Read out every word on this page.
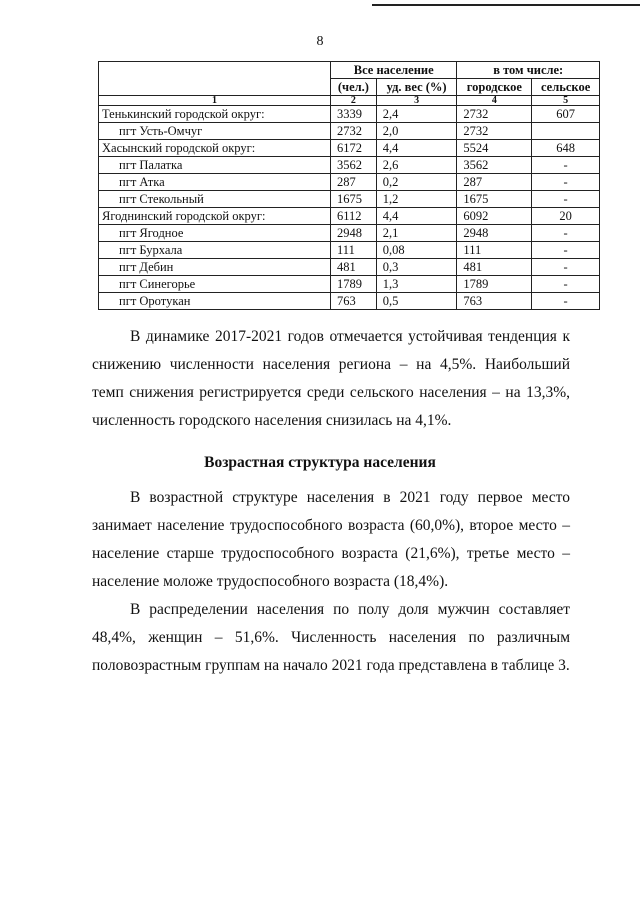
8
	Все население		в том числе:	
	(чел.)	уд. вес (%)	городское	сельское
1	2	3	4	5
Тенькинский городской округ:	3339	2,4	2732	607
пгт Усть-Омчуг	2732	2,0	2732	
Хасынский городской округ:	6172	4,4	5524	648
пгт Палатка	3562	2,6	3562	-
пгт Атка	287	0,2	287	-
пгт Стекольный	1675	1,2	1675	-
Ягоднинский городской округ:	6112	4,4	6092	20
пгт Ягодное	2948	2,1	2948	-
пгт Бурхала	111	0,08	111	-
пгт Дебин	481	0,3	481	-
пгт Синегорье	1789	1,3	1789	-
пгт Оротукан	763	0,5	763	-
В динамике 2017-2021 годов отмечается устойчивая тенденция к снижению численности населения региона – на 4,5%. Наибольший темп снижения регистрируется среди сельского населения – на 13,3%, численность городского населения снизилась на 4,1%.
Возрастная структура населения
В возрастной структуре населения в 2021 году первое место занимает население трудоспособного возраста (60,0%), второе место – население старше трудоспособного возраста (21,6%), третье место – население моложе трудоспособного возраста (18,4%).
В распределении населения по полу доля мужчин составляет 48,4%, женщин – 51,6%. Численность населения по различным половозрастным группам на начало 2021 года представлена в таблице 3.
